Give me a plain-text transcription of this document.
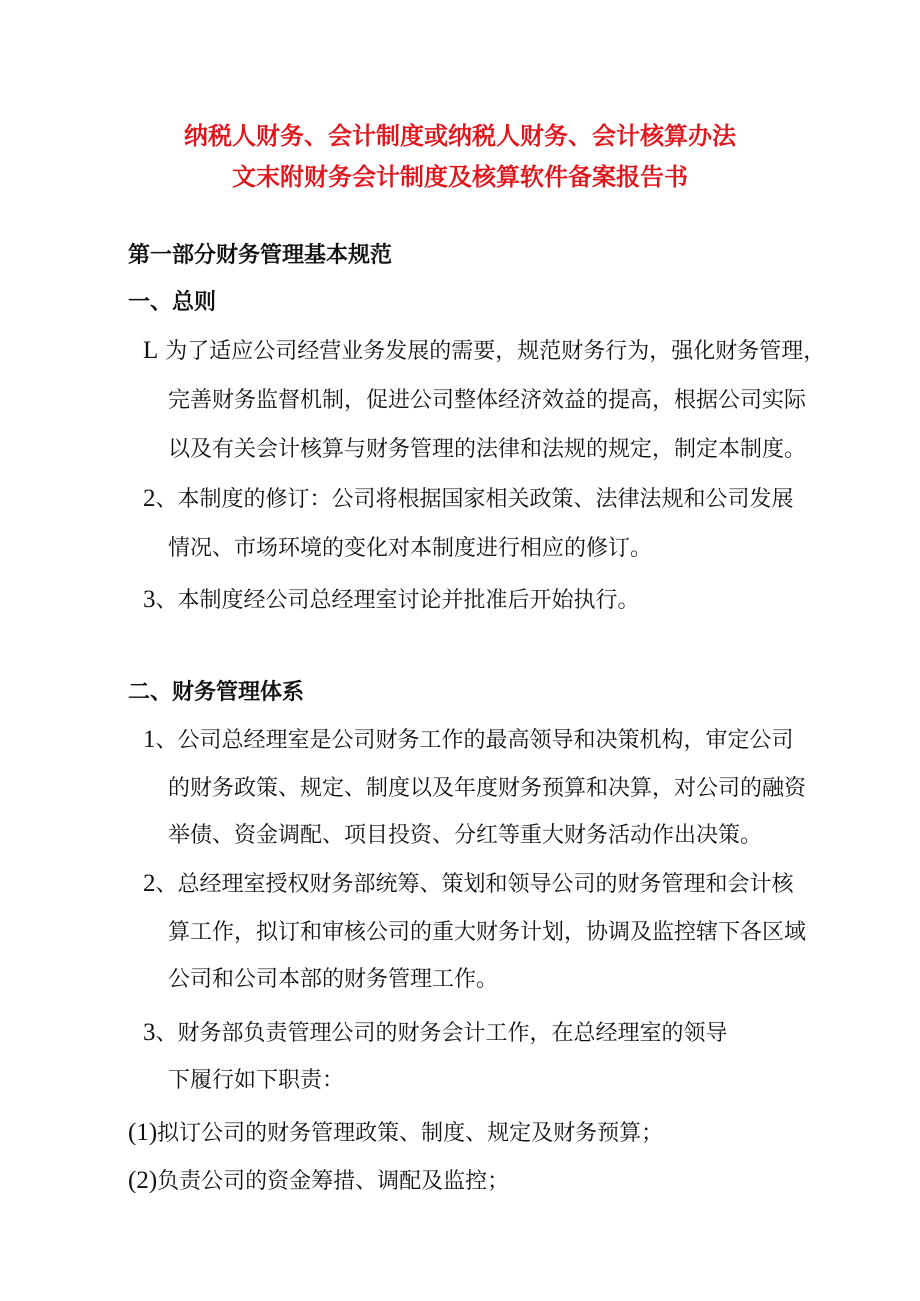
纳税人财务、会计制度或纳税人财务、会计核算办法
文末附财务会计制度及核算软件备案报告书
第一部分财务管理基本规范
一、总则
L 为了适应公司经营业务发展的需要，规范财务行为，强化财务管理，
完善财务监督机制，促进公司整体经济效益的提高，根据公司实际
以及有关会计核算与财务管理的法律和法规的规定，制定本制度。
2、本制度的修订：公司将根据国家相关政策、法律法规和公司发展
情况、市场环境的变化对本制度进行相应的修订。
3、本制度经公司总经理室讨论并批准后开始执行。
二、财务管理体系
1、公司总经理室是公司财务工作的最高领导和决策机构，审定公司
的财务政策、规定、制度以及年度财务预算和决算，对公司的融资
举债、资金调配、项目投资、分红等重大财务活动作出决策。
2、总经理室授权财务部统筹、策划和领导公司的财务管理和会计核
算工作，拟订和审核公司的重大财务计划，协调及监控辖下各区域
公司和公司本部的财务管理工作。
3、财务部负责管理公司的财务会计工作，在总经理室的领导
下履行如下职责：
(1)拟订公司的财务管理政策、制度、规定及财务预算；
(2)负责公司的资金筹措、调配及监控；
